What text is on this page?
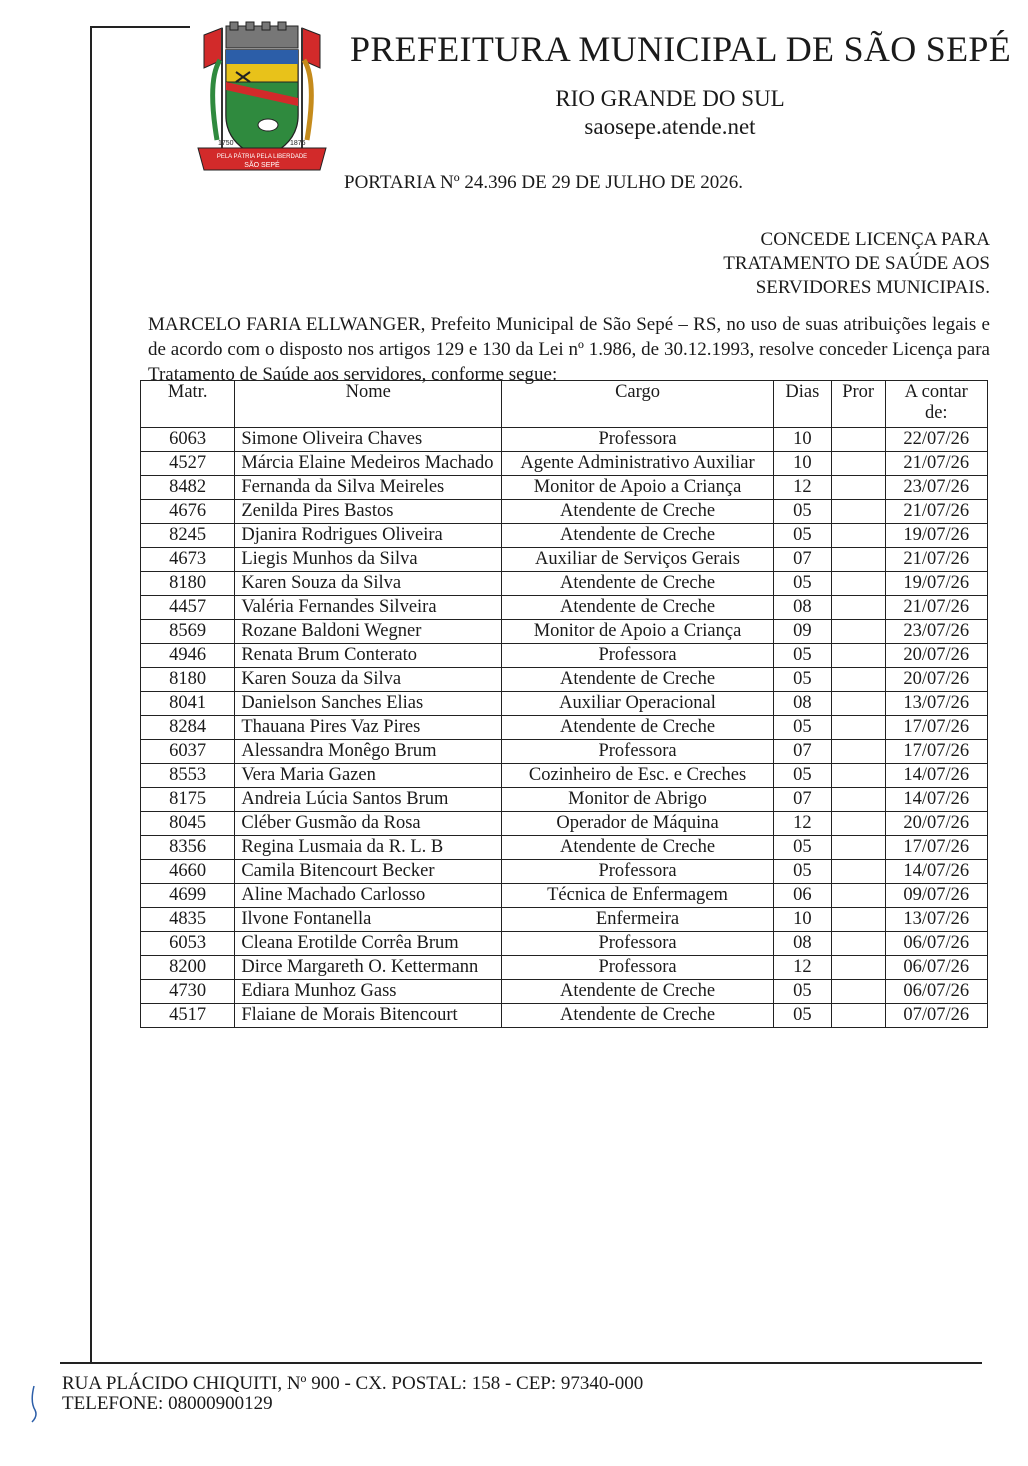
1750	1876
PELA PÁTRIA PELA LIBERDADE
SÃO SEPÉ
PREFEITURA MUNICIPAL DE SÃO SEPÉ
RIO GRANDE DO SUL
saosepe.atende.net
PORTARIA Nº 24.396 DE 29 DE JULHO DE 2026.
CONCEDE LICENÇA PARA
TRATAMENTO DE SAÚDE AOS
SERVIDORES MUNICIPAIS.
MARCELO FARIA ELLWANGER, Prefeito Municipal de São Sepé – RS, no uso de suas atribuições legais e de acordo com o disposto nos artigos 129 e 130 da Lei nº 1.986, de 30.12.1993, resolve conceder Licença para Tratamento de Saúde aos servidores, conforme segue:
Matr.	Nome	Cargo	Dias	Pror	A contar de:
6063	Simone Oliveira Chaves	Professora	10		22/07/26
4527	Márcia Elaine Medeiros Machado	Agente Administrativo Auxiliar	10		21/07/26
8482	Fernanda da Silva Meireles	Monitor de Apoio a Criança	12		23/07/26
4676	Zenilda Pires Bastos	Atendente de Creche	05		21/07/26
8245	Djanira Rodrigues Oliveira	Atendente de Creche	05		19/07/26
4673	Liegis Munhos da Silva	Auxiliar de Serviços Gerais	07		21/07/26
8180	Karen Souza da Silva	Atendente de Creche	05		19/07/26
4457	Valéria Fernandes Silveira	Atendente de Creche	08		21/07/26
8569	Rozane Baldoni Wegner	Monitor de Apoio a Criança	09		23/07/26
4946	Renata Brum Conterato	Professora	05		20/07/26
8180	Karen Souza da Silva	Atendente de Creche	05		20/07/26
8041	Danielson Sanches Elias	Auxiliar Operacional	08		13/07/26
8284	Thauana Pires Vaz Pires	Atendente de Creche	05		17/07/26
6037	Alessandra Monêgo Brum	Professora	07		17/07/26
8553	Vera Maria Gazen	Cozinheiro de Esc. e Creches	05		14/07/26
8175	Andreia Lúcia Santos Brum	Monitor de Abrigo	07		14/07/26
8045	Cléber Gusmão da Rosa	Operador de Máquina	12		20/07/26
8356	Regina Lusmaia da R. L. B	Atendente de Creche	05		17/07/26
4660	Camila Bitencourt Becker	Professora	05		14/07/26
4699	Aline Machado Carlosso	Técnica de Enfermagem	06		09/07/26
4835	Ilvone Fontanella	Enfermeira	10		13/07/26
6053	Cleana Erotilde Corrêa Brum	Professora	08		06/07/26
8200	Dirce Margareth O. Kettermann	Professora	12		06/07/26
4730	Ediara Munhoz Gass	Atendente de Creche	05		06/07/26
4517	Flaiane de Morais Bitencourt	Atendente de Creche	05		07/07/26
RUA PLÁCIDO CHIQUITI, Nº 900 - CX. POSTAL: 158 - CEP: 97340-000
TELEFONE: 08000900129
